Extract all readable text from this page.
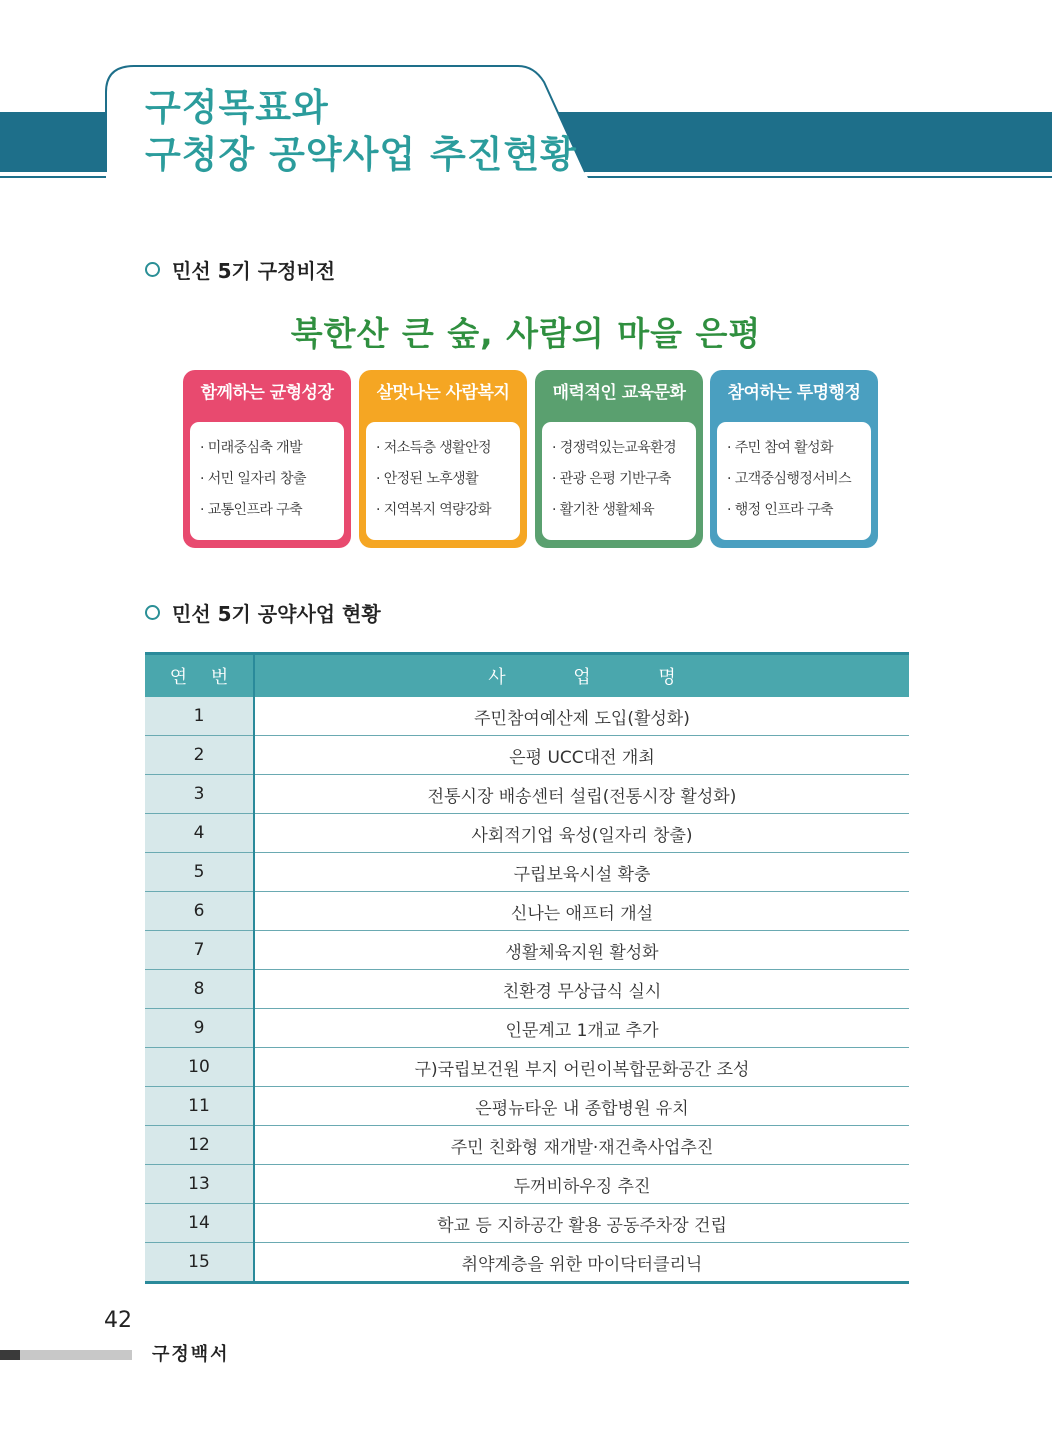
구정목표와
구청장 공약사업 추진현황
민선 5기 구정비전
북한산 큰 숲, 사람의 마을 은평
함께하는 균형성장
· 미래중심축 개발
· 서민 일자리 창출
· 교통인프라 구축
살맛나는 사람복지
· 저소득층 생활안정
· 안정된 노후생활
· 지역복지 역량강화
매력적인 교육문화
· 경쟁력있는교육환경
· 관광 은평 기반구축
· 활기찬 생활체육
참여하는 투명행정
· 주민 참여 활성화
· 고객중심행정서비스
· 행정 인프라 구축
민선 5기 공약사업 현황
연 번	사 업 명
1	주민참여예산제 도입(활성화)
2	은평 UCC대전 개최
3	전통시장 배송센터 설립(전통시장 활성화)
4	사회적기업 육성(일자리 창출)
5	구립보육시설 확충
6	신나는 애프터 개설
7	생활체육지원 활성화
8	친환경 무상급식 실시
9	인문계고 1개교 추가
10	구)국립보건원 부지 어린이복합문화공간 조성
11	은평뉴타운 내 종합병원 유치
12	주민 친화형 재개발·재건축사업추진
13	두꺼비하우징 추진
14	학교 등 지하공간 활용 공동주차장 건립
15	취약계층을 위한 마이닥터클리닉
42
구정백서
